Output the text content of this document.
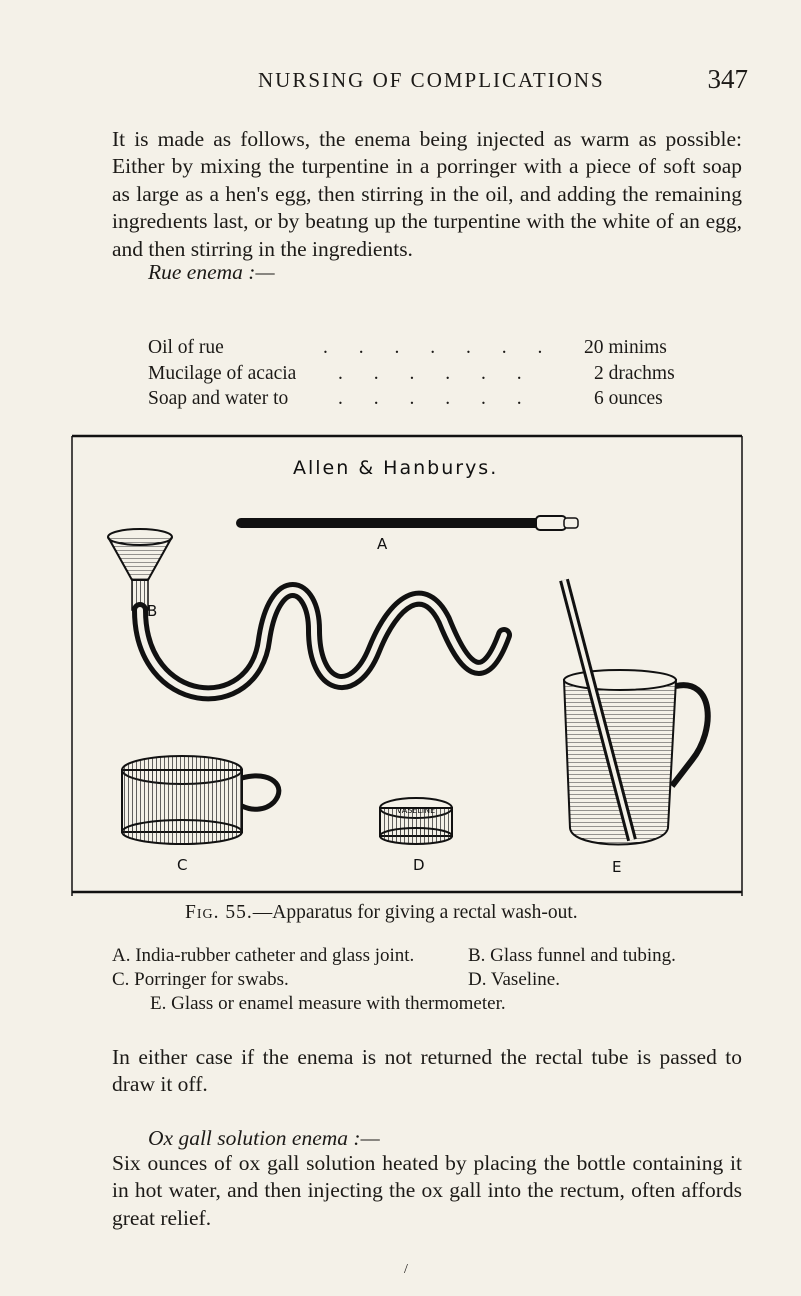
NURSING OF COMPLICATIONS	347

It is made as follows, the enema being injected as warm as possible: Either by mixing the turpentine in a porringer with a piece of soft soap as large as a hen's egg, then stirring in the oil, and adding the remaining ingredıents last, or by beatıng up the turpentine with the white of an egg, and then stirring in the ingredients.

Rue enema :—
Oil of rue	. . . . . . . 20 minims
Mucilage of acacia . . . . . .	2 drachms
Soap and water to	. . . . . .	6 ounces
Allen & Hanburys.
A
B
C
VASELINE
D	E
Fig. 55.—Apparatus for giving a rectal wash-out.
A. India-rubber catheter and glass joint.	B. Glass funnel and tubing.
C. Porringer for swabs.	D. Vaseline.
E. Glass or enamel measure with thermometer.

In either case if the enema is not returned the rectal tube is passed to draw it off.

Ox gall solution enema :—

Six ounces of ox gall solution heated by placing the bottle containing it in hot water, and then injecting the ox gall into the rectum, often affords great relief.

/
